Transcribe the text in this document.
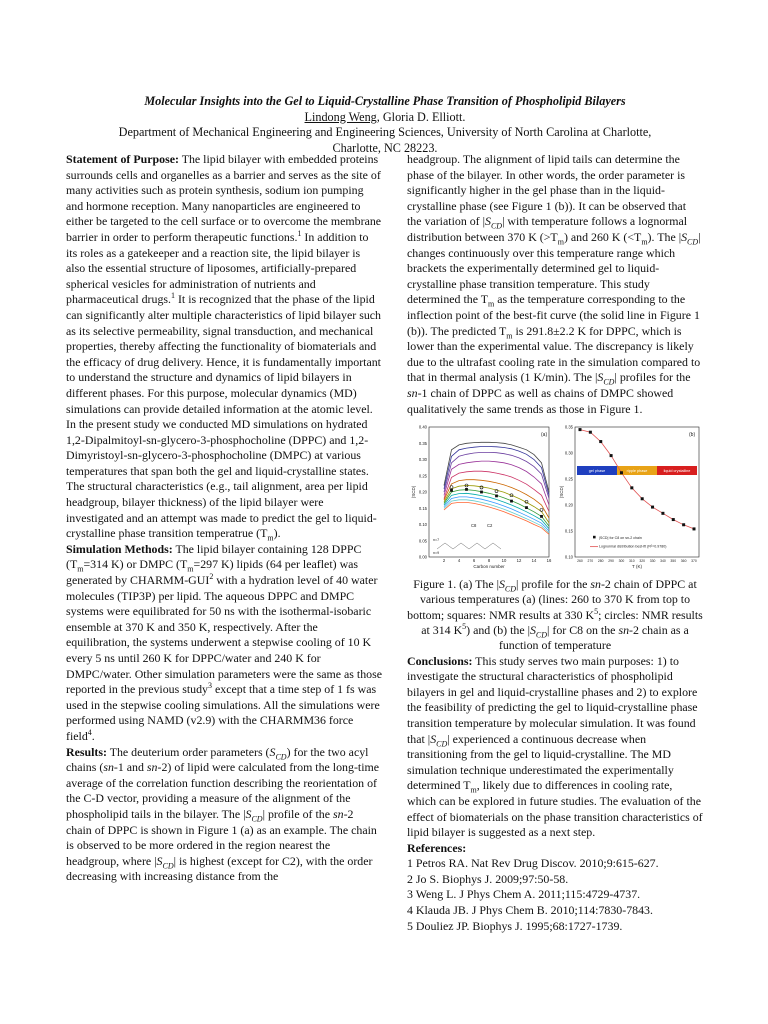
Molecular Insights into the Gel to Liquid-Crystalline Phase Transition of Phospholipid Bilayers
Lindong Weng, Gloria D. Elliott.
Department of Mechanical Engineering and Engineering Sciences, University of North Carolina at Charlotte,
Charlotte, NC 28223.

Statement of Purpose: The lipid bilayer with embedded proteins surrounds cells and organelles as a barrier and serves as the site of many activities such as protein synthesis, sodium ion pumping and hormone reception. Many nanoparticles are engineered to either be targeted to the cell surface or to overcome the membrane barrier in order to perform therapeutic functions.$^1$ In addition to its roles as a gatekeeper and a reaction site, the lipid bilayer is also the essential structure of liposomes, artificially-prepared spherical vesicles for administration of nutrients and pharmaceutical drugs.$^1$ It is recognized that the phase of the lipid can significantly alter multiple characteristics of lipid bilayer such as its selective permeability, signal transduction, and mechanical properties, thereby affecting the functionality of biomaterials and the efficacy of drug delivery. Hence, it is fundamentally important to understand the structure and dynamics of lipid bilayers in different phases. For this purpose, molecular dynamics (MD) simulations can provide detailed information at the atomic level. In the present study we conducted MD simulations on hydrated 1,2-Dipalmitoyl-sn-glycero-3-phosphocholine (DPPC) and 1,2-Dimyristoyl-sn-glycero-3-phosphocholine (DMPC) at various temperatures that span both the gel and liquid-crystalline states. The structural characteristics (e.g., tail alignment, area per lipid headgroup, bilayer thickness) of the lipid bilayer were investigated and an attempt was made to predict the gel to liquid-crystalline phase transition temperatrue $(T_m)$.

Simulation Methods: The lipid bilayer containing 128 DPPC ($T_m=314$ K) or DMPC ($T_m=297$ K) lipids (64 per leaflet) was generated by CHARMM-GUI$^2$ with a hydration level of 40 water molecules (TIP3P) per lipid. The aqueous DPPC and DMPC systems were equilibrated for 50 ns with the isothermal-isobaric ensemble at 370 K and 350 K, respectively. After the equilibration, the systems underwent a stepwise cooling of 10 K every 5 ns until 260 K for DPPC/water and 240 K for DMPC/water. Other simulation parameters were the same as those reported in the previous study$^3$ except that a time step of 1 fs was used in the stepwise cooling simulations. All the simulations were performed using NAMD (v2.9) with the CHARMM36 force field$^4$.

Results: The deuterium order parameters $(S_{CD})$ for the two acyl chains (sn-1 and sn-2) of lipid were calculated from the long-time average of the correlation function describing the reorientation of the C-D vector, providing a measure of the alignment of the phospholipid tails in the bilayer. The $|S_{CD}|$ profile of the sn-2 chain of DPPC is shown in Figure 1 (a) as an example. The chain is observed to be more ordered in the region nearest the headgroup, where $|S_{CD}|$ is highest (except for C2), with the order decreasing with increasing distance from the

headgroup. The alignment of lipid tails can determine the phase of the bilayer. In other words, the order parameter is significantly higher in the gel phase than in the liquid-crystalline phase (see Figure 1 (b)). It can be observed that the variation of $|S_{CD}|$ with temperature follows a lognormal distribution between 370 K $(>T_m)$ and 260 K $(<T_m)$. The $|S_{CD}|$ changes continuously over this temperature range which brackets the experimentally determined gel to liquid-crystalline phase transition temperature. This study determined the $T_m$ as the temperature corresponding to the inflection point of the best-fit curve (the solid line in Figure 1 (b)). The predicted $T_m$ is 291.8±2.2 K for DPPC, which is lower than the experimental value. The discrepancy is likely due to the ultrafast cooling rate in the simulation compared to that in thermal analysis (1 K/min). The $|S_{CD}|$ profiles for the sn-1 chain of DPPC as well as chains of DMPC showed qualitatively the same trends as those in Figure 1.

0.00
0.05
0.10
0.15
0.20
0.25
0.30
0.35
0.40
2	4	6	8	10 12 14 16
Carbon number
|SCD|
(a)
C8	C2
n=7
n=9
0.10
0.15
0.20
0.25
0.30
0.35
260 270 280 290 300 310 320 330 340 350 360 370
T (K)
|SCD|
(b)
gel phase	ripple phase	liquid crystalline
|SCD| for C8 on sn-2 chain
Lognormal distribution best-fit (R²=0.9780)

Figure 1. (a) The $|S_{CD}|$ profile for the sn-2 chain of DPPC at various temperatures (a) (lines: 260 to 370 K from top to bottom; squares: NMR results at 330 $K^5$; circles: NMR results at 314 $K^5$) and (b) the $|S_{CD}|$ for C8 on the sn-2 chain as a function of temperature

Conclusions: This study serves two main purposes: 1) to investigate the structural characteristics of phospholipid bilayers in gel and liquid-crystalline phases and 2) to explore the feasibility of predicting the gel to liquid-crystalline phase transition temperature by molecular simulation. It was found that $|S_{CD}|$ experienced a continuous decrease when transitioning from the gel to liquid-crystalline. The MD simulation technique underestimated the experimentally determined $T_m$, likely due to differences in cooling rate, which can be explored in future studies. The evaluation of the effect of biomaterials on the phase transition characteristics of lipid bilayer is suggested as a next step.

References:

1 Petros RA. Nat Rev Drug Discov. 2010;9:615-627.

2 Jo S. Biophys J. 2009;97:50-58.

3 Weng L. J Phys Chem A. 2011;115:4729-4737.

4 Klauda JB. J Phys Chem B. 2010;114:7830-7843.

5 Douliez JP. Biophys J. 1995;68:1727-1739.
